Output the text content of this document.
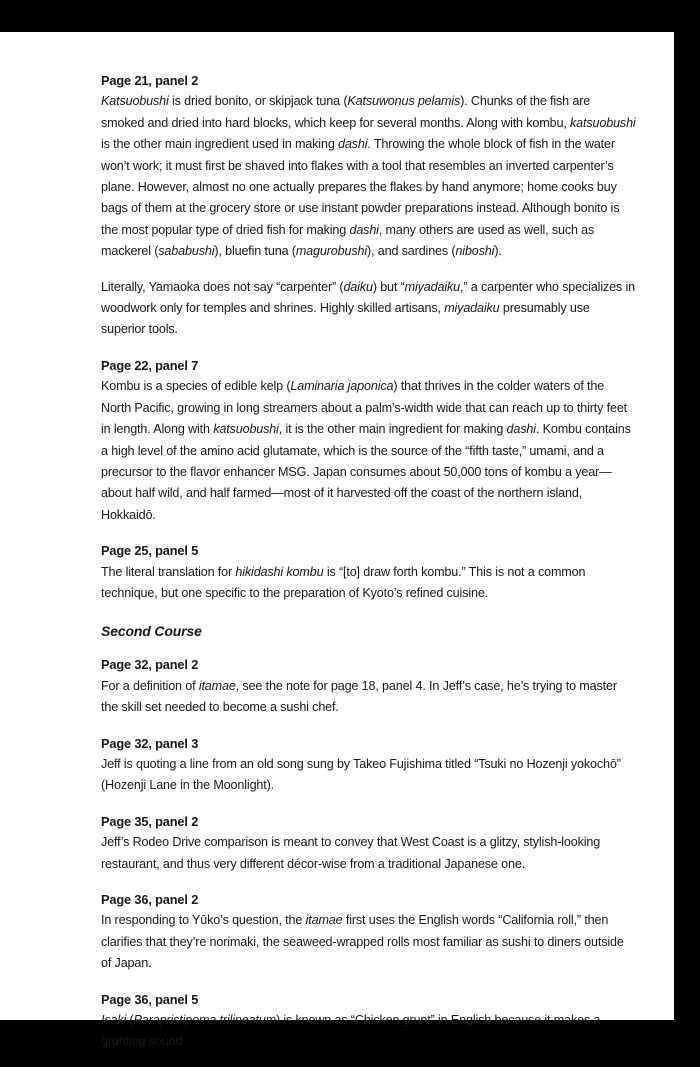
Page 21, panel 2

Katsuobushi is dried bonito, or skipjack tuna (Katsuwonus pelamis). Chunks of the fish are smoked and dried into hard blocks, which keep for several months. Along with kombu, katsuobushi is the other main ingredient used in making dashi. Throwing the whole block of fish in the water won’t work; it must first be shaved into flakes with a tool that resembles an inverted carpenter’s plane. However, almost no one actually prepares the flakes by hand anymore; home cooks buy bags of them at the grocery store or use instant powder preparations instead. Although bonito is the most popular type of dried fish for making dashi, many others are used as well, such as mackerel (sababushi), bluefin tuna (magurobushi), and sardines (niboshi).

Literally, Yamaoka does not say “carpenter” (daiku) but “miyadaiku,” a carpenter who specializes in woodwork only for temples and shrines. Highly skilled artisans, miyadaiku presumably use superior tools.

Page 22, panel 7

Kombu is a species of edible kelp (Laminaria japonica) that thrives in the colder waters of the North Pacific, growing in long streamers about a palm’s-width wide that can reach up to thirty feet in length. Along with katsuobushi, it is the other main ingredient for making dashi. Kombu contains a high level of the amino acid glutamate, which is the source of the “fifth taste,” umami, and a precursor to the flavor enhancer MSG. Japan consumes about 50,000 tons of kombu a year—about half wild, and half farmed—most of it harvested off the coast of the northern island, Hokkaidō.

Page 25, panel 5

The literal translation for hikidashi kombu is “[to] draw forth kombu.” This is not a common technique, but one specific to the preparation of Kyoto’s refined cuisine.

Second Course
Page 32, panel 2

For a definition of itamae, see the note for page 18, panel 4. In Jeff’s case, he’s trying to master the skill set needed to become a sushi chef.

Page 32, panel 3

Jeff is quoting a line from an old song sung by Takeo Fujishima titled “Tsuki no Hozenji yokochō” (Hozenji Lane in the Moonlight).

Page 35, panel 2

Jeff’s Rodeo Drive comparison is meant to convey that West Coast is a glitzy, stylish-looking restaurant, and thus very different décor-wise from a traditional Japanese one.

Page 36, panel 2

In responding to Yūko’s question, the itamae first uses the English words “California roll,” then clarifies that they’re norimaki, the seaweed-wrapped rolls most familiar as sushi to diners outside of Japan.

Page 36, panel 5

Isaki (Parapristipoma trilineatum) is known as “Chicken grunt” in English because it makes a grunting sound
